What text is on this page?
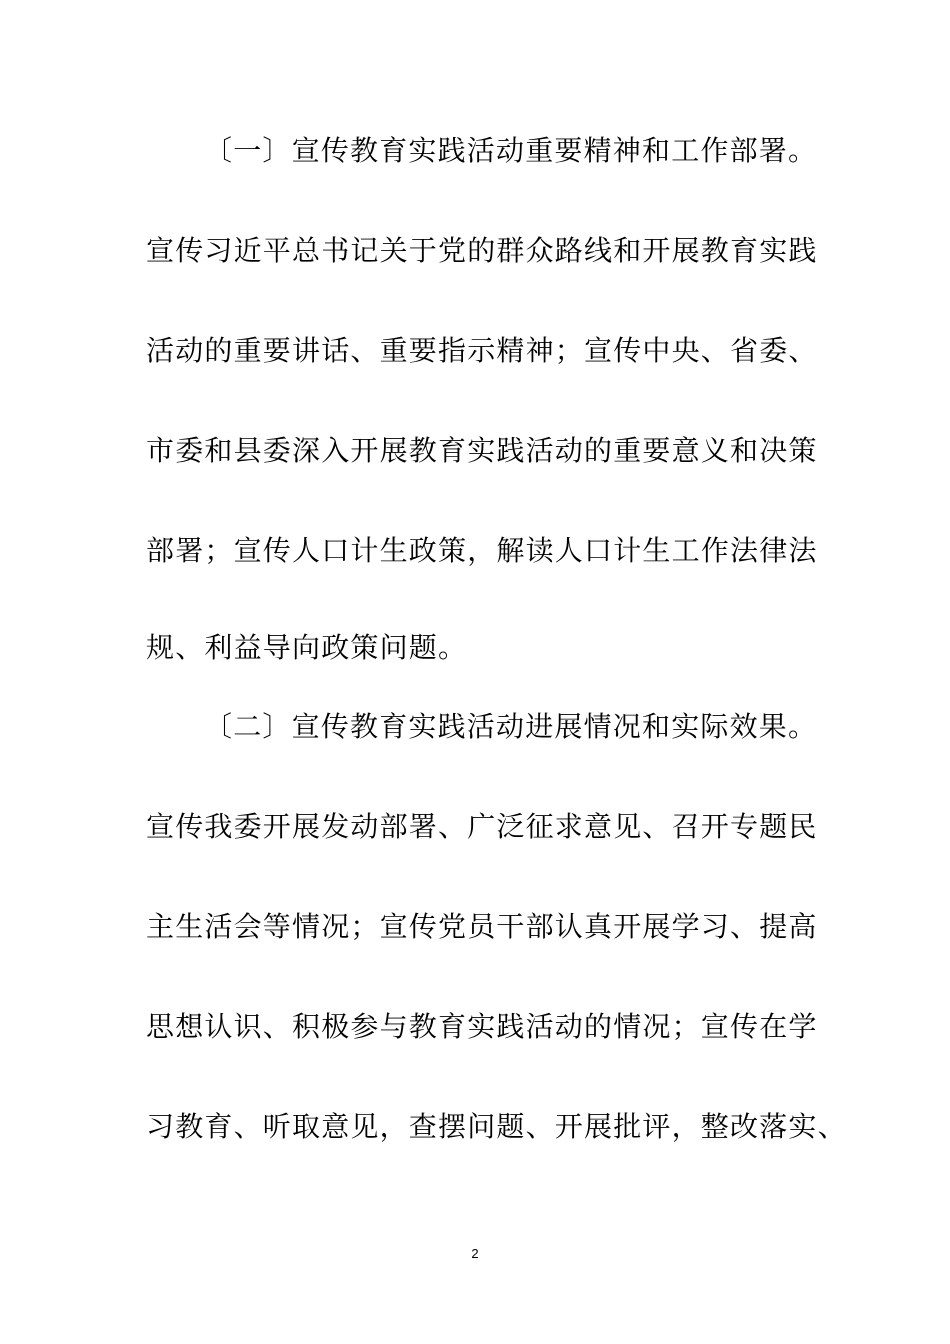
〔一〕宣传教育实践活动重要精神和工作部署。
宣传习近平总书记关于党的群众路线和开展教育实践
活动的重要讲话、重要指示精神；宣传中央、省委、
市委和县委深入开展教育实践活动的重要意义和决策
部署；宣传人口计生政策，解读人口计生工作法律法
规、利益导向政策问题。
〔二〕宣传教育实践活动进展情况和实际效果。
宣传我委开展发动部署、广泛征求意见、召开专题民
主生活会等情况；宣传党员干部认真开展学习、提高
思想认识、积极参与教育实践活动的情况；宣传在学
习教育、听取意见，查摆问题、开展批评，整改落实、
2
